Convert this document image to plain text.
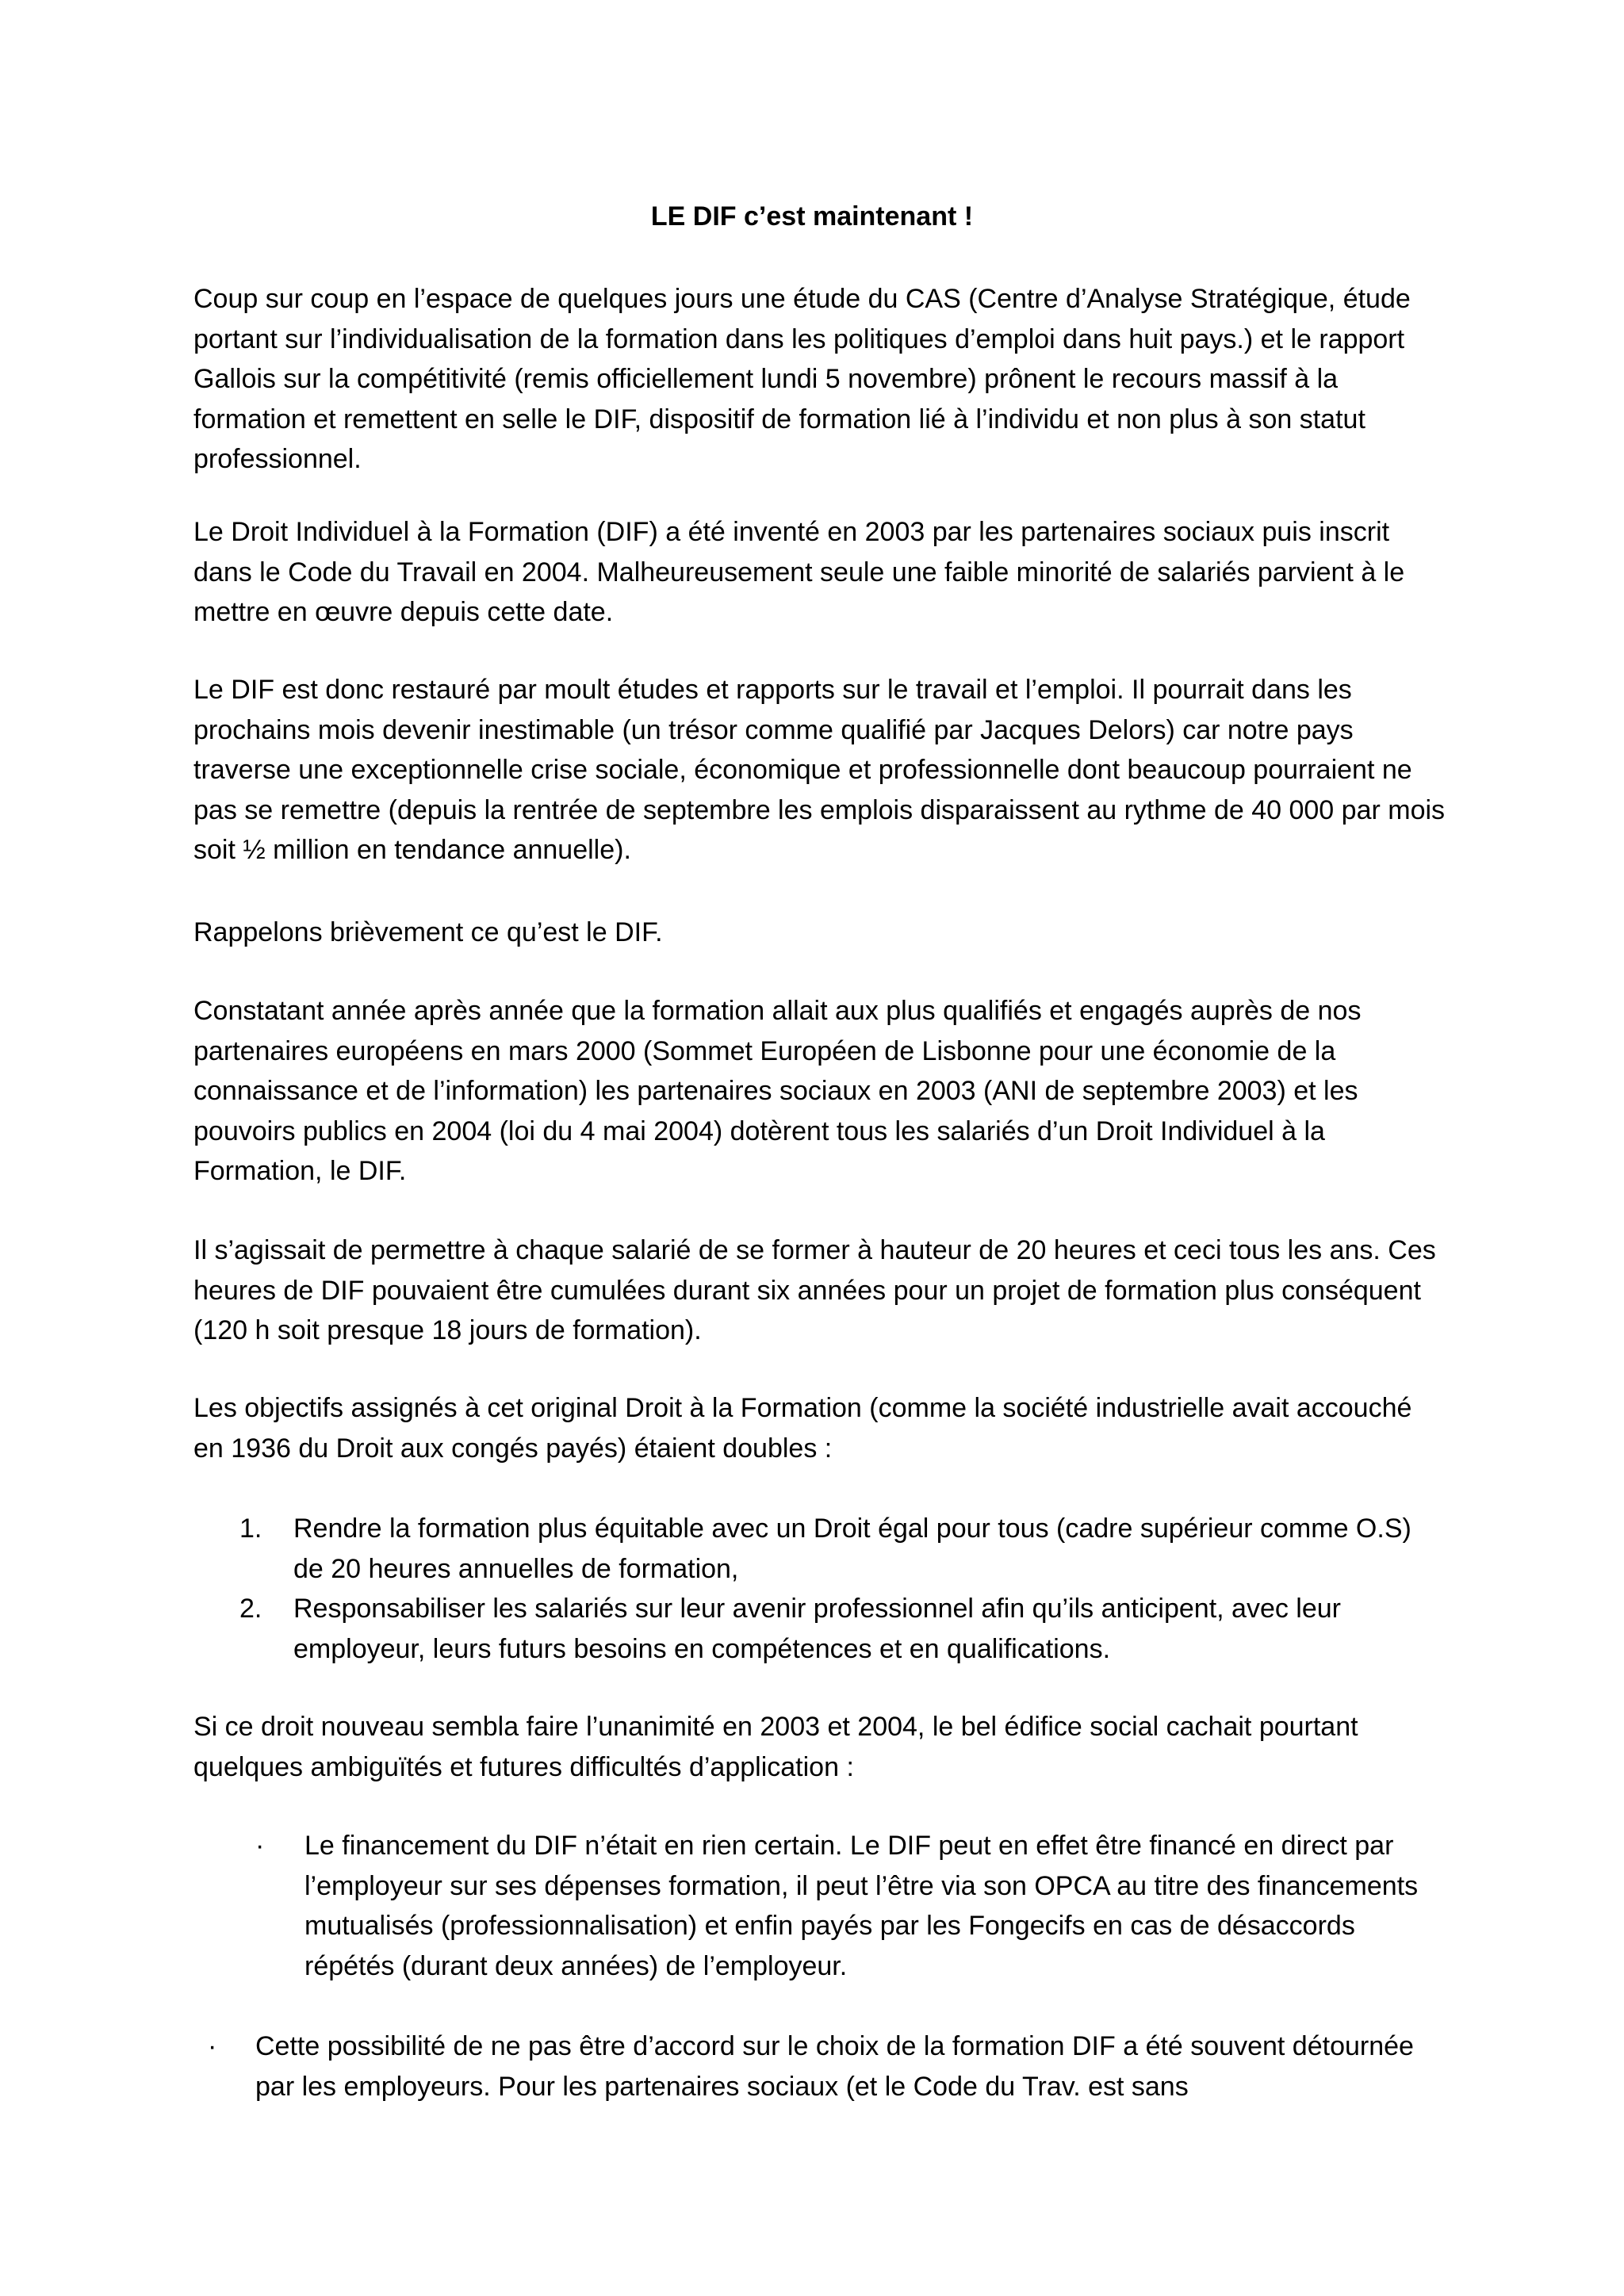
LE DIF c’est maintenant !

Coup sur coup en l’espace de quelques jours une étude du CAS (Centre d’Analyse Stratégique, étude portant sur l’individualisation de la formation dans les politiques d’emploi dans huit pays.) et le rapport Gallois sur la compétitivité (remis officiellement lundi 5 novembre) prônent le recours massif à la formation et remettent en selle le DIF, dispositif de formation lié à l’individu et non plus à son statut professionnel.

Le Droit Individuel à la Formation (DIF) a été inventé en 2003 par les partenaires sociaux puis inscrit dans le Code du Travail en 2004. Malheureusement seule une faible minorité de salariés parvient à le mettre en œuvre depuis cette date.

Le DIF est donc restauré par moult études et rapports sur le travail et l’emploi. Il pourrait dans les prochains mois devenir inestimable (un trésor comme qualifié par Jacques Delors) car notre pays traverse une exceptionnelle crise sociale, économique et professionnelle dont beaucoup pourraient ne pas se remettre (depuis la rentrée de septembre les emplois disparaissent au rythme de 40 000 par mois soit ½ million en tendance annuelle).

Rappelons brièvement ce qu’est le DIF.

Constatant année après année que la formation allait aux plus qualifiés et engagés auprès de nos partenaires européens en mars 2000 (Sommet Européen de Lisbonne pour une économie de la connaissance et de l’information) les partenaires sociaux en 2003 (ANI de septembre 2003) et les pouvoirs publics en 2004 (loi du 4 mai 2004) dotèrent tous les salariés d’un Droit Individuel à la Formation, le DIF.

Il s’agissait de permettre à chaque salarié de se former à hauteur de 20 heures et ceci tous les ans. Ces heures de DIF pouvaient être cumulées durant six années pour un projet de formation plus conséquent (120 h soit presque 18 jours de formation).

Les objectifs assignés à cet original Droit à la Formation (comme la société industrielle avait accouché en 1936 du Droit aux congés payés) étaient doubles :

1. Rendre la formation plus équitable avec un Droit égal pour tous (cadre supérieur comme O.S) de 20 heures annuelles de formation,
2. Responsabiliser les salariés sur leur avenir professionnel afin qu’ils anticipent, avec leur employeur, leurs futurs besoins en compétences et en qualifications.

Si ce droit nouveau sembla faire l’unanimité en 2003 et 2004, le bel édifice social cachait pourtant quelques ambiguïtés et futures difficultés d’application :

· Le financement du DIF n’était en rien certain. Le DIF peut en effet être financé en direct par l’employeur sur ses dépenses formation, il peut l’être via son OPCA au titre des financements mutualisés (professionnalisation) et enfin payés par les Fongecifs en cas de désaccords répétés (durant deux années) de l’employeur.
· Cette possibilité de ne pas être d’accord sur le choix de la formation DIF a été souvent détournée par les employeurs. Pour les partenaires sociaux (et le Code du Trav. est sans
